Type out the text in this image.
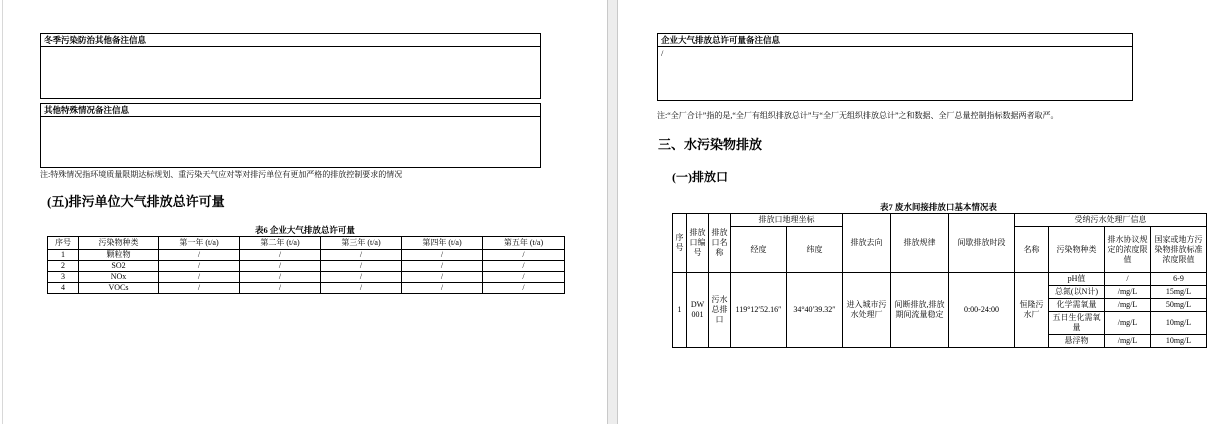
冬季污染防治其他备注信息
其他特殊情况备注信息
注:特殊情况指环境质量限期达标规划、重污染天气应对等对排污单位有更加严格的排放控制要求的情况
(五)排污单位大气排放总许可量
表6 企业大气排放总许可量
序号	污染物种类	第一年 (t/a)	第二年 (t/a)	第三年 (t/a)	第四年 (t/a)	第五年 (t/a)
1	颗粒物	/	/	/	/	/
2	SO2	/	/	/	/	/
3	NOx	/	/	/	/	/
4	VOCs	/	/	/	/	/
企业大气排放总许可量备注信息
/
注:“全厂合计”指的是,“全厂有组织排放总计”与“全厂无组织排放总计”之和数据、全厂总量控制指标数据两者取严。
三、水污染物排放
(一)排放口
表7 废水间接排放口基本情况表
序号	排放口编号	排放口名称	排放口地理坐标		排放去向	排放规律	间歇排放时段	受纳污水处理厂信息			
			经度	纬度				名称	污染物种类	排水协议规定的浓度限值	国家或地方污染物排放标准浓度限值
1	DW001	污水总排口	119°12′52.16″	34°40′39.32″	进入城市污水处理厂	间断排放,排放期间流量稳定	0:00-24:00	恒隆污水厂	pH值	/	6-9
									总氮(以N计)	/mg/L	15mg/L
									化学需氧量	/mg/L	50mg/L
									五日生化需氧量	/mg/L	10mg/L
									悬浮物	/mg/L	10mg/L
